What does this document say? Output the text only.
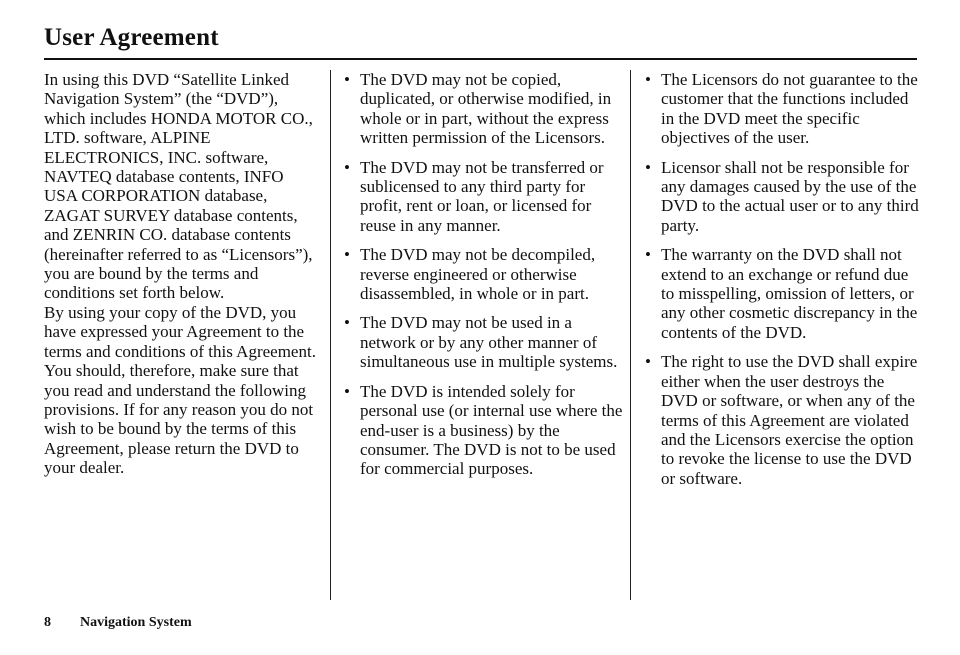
User Agreement

In using this DVD “Satellite Linked Navigation System” (the “DVD”), which includes HONDA MOTOR CO., LTD. software, ALPINE ELECTRONICS, INC. software, NAVTEQ database contents, INFO USA CORPORATION database, ZAGAT SURVEY database contents, and ZENRIN CO. database contents (hereinafter referred to as “Licensors”), you are bound by the terms and conditions set forth below.

By using your copy of the DVD, you have expressed your Agreement to the terms and conditions of this Agreement. You should, therefore, make sure that you read and understand the following provisions. If for any reason you do not wish to be bound by the terms of this Agreement, please return the DVD to your dealer.

• The DVD may not be copied, duplicated, or otherwise modified, in whole or in part, without the express written permission of the Licensors.
• The DVD may not be transferred or sublicensed to any third party for profit, rent or loan, or licensed for reuse in any manner.
• The DVD may not be decompiled, reverse engineered or otherwise disassembled, in whole or in part.
• The DVD may not be used in a network or by any other manner of simultaneous use in multiple systems.
• The DVD is intended solely for personal use (or internal use where the end-user is a business) by the consumer. The DVD is not to be used for commercial purposes.
• The Licensors do not guarantee to the customer that the functions included in the DVD meet the specific objectives of the user.
• Licensor shall not be responsible for any damages caused by the use of the DVD to the actual user or to any third party.
• The warranty on the DVD shall not extend to an exchange or refund due to misspelling, omission of letters, or any other cosmetic discrepancy in the contents of the DVD.
• The right to use the DVD shall expire either when the user destroys the DVD or software, or when any of the terms of this Agreement are violated and the Licensors exercise the option to revoke the license to use the DVD or software.
8 Navigation System
